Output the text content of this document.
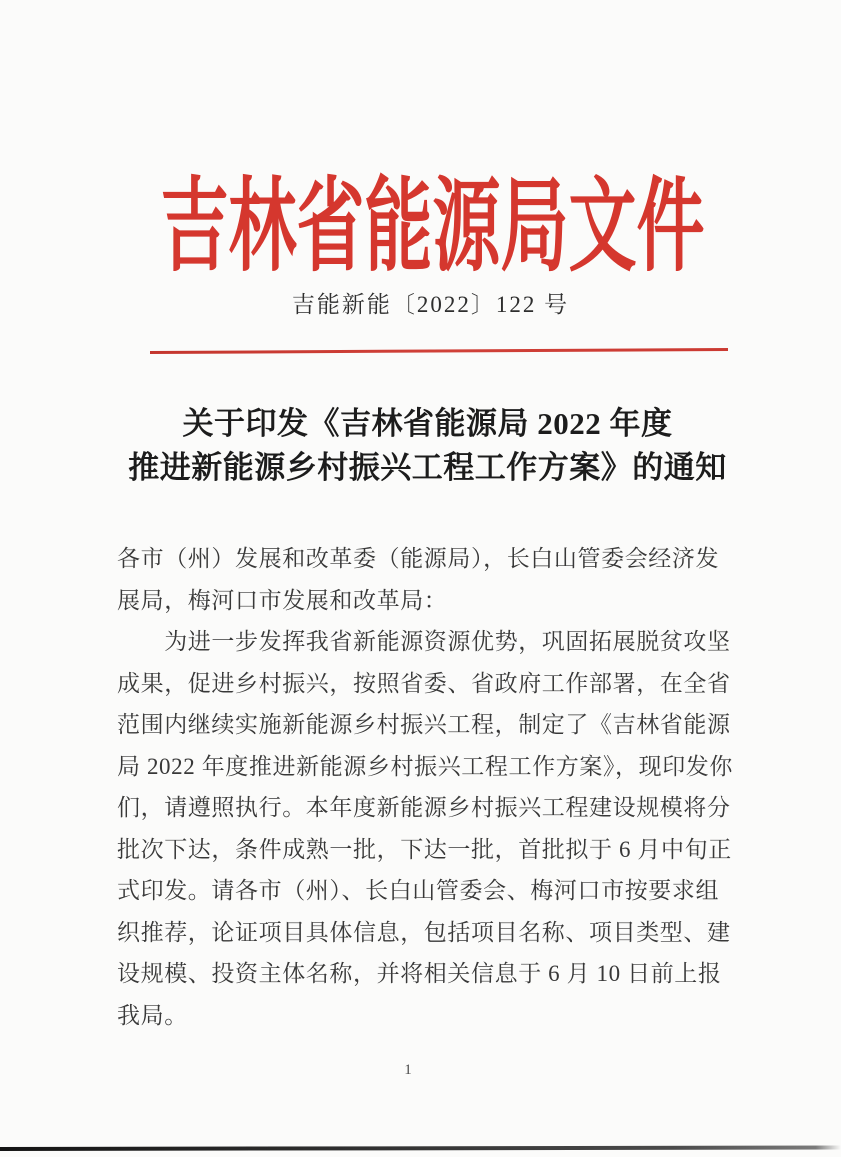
吉林省能源局文件
吉能新能〔2022〕122 号
关于印发《吉林省能源局 2022 年度
推进新能源乡村振兴工程工作方案》的通知
各市（州）发展和改革委（能源局），长白山管委会经济发
展局，梅河口市发展和改革局：
　　为进一步发挥我省新能源资源优势，巩固拓展脱贫攻坚
成果，促进乡村振兴，按照省委、省政府工作部署，在全省
范围内继续实施新能源乡村振兴工程，制定了《吉林省能源
局 2022 年度推进新能源乡村振兴工程工作方案》，现印发你
们，请遵照执行。本年度新能源乡村振兴工程建设规模将分
批次下达，条件成熟一批，下达一批，首批拟于 6 月中旬正
式印发。请各市（州）、长白山管委会、梅河口市按要求组
织推荐，论证项目具体信息，包括项目名称、项目类型、建
设规模、投资主体名称，并将相关信息于 6 月 10 日前上报
我局。
1
